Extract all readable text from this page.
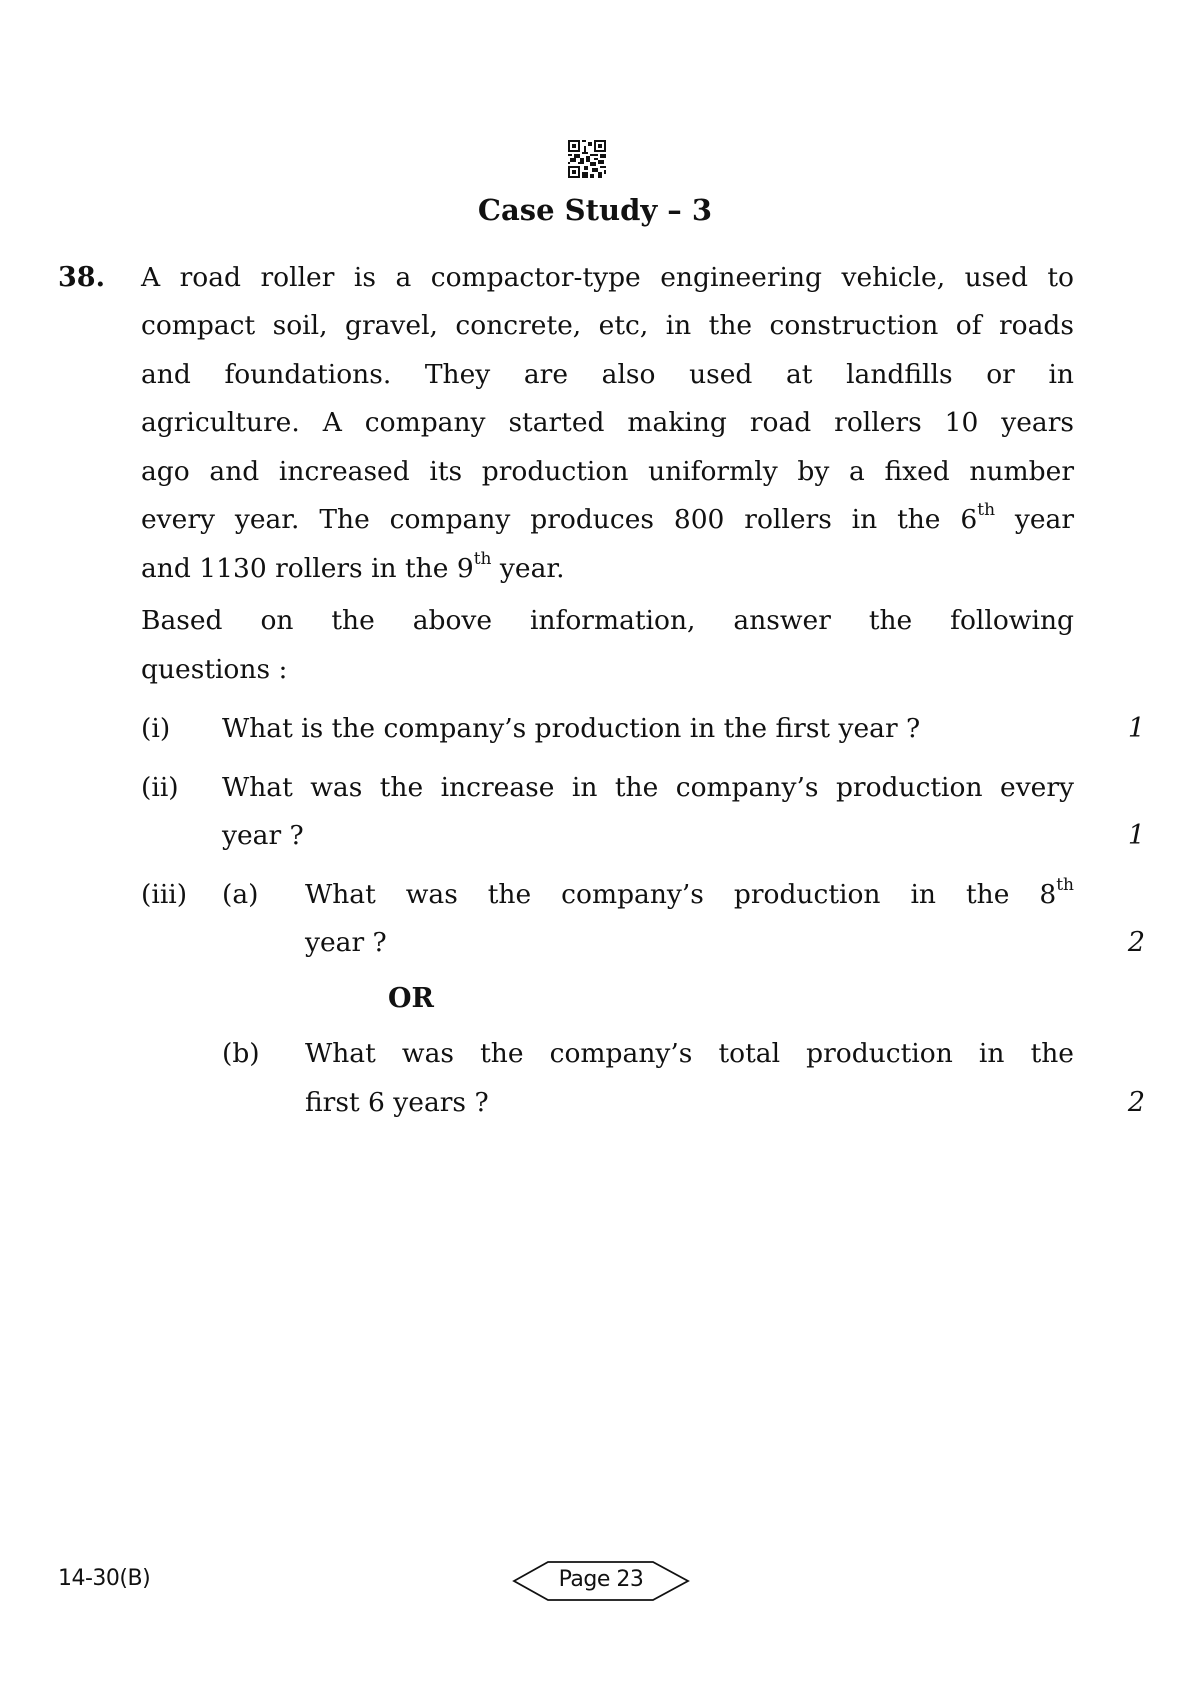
Case Study – 3
38. A road roller is a compactor-type engineering vehicle, used to
compact soil, gravel, concrete, etc, in the construction of roads
and foundations. They are also used at landfills or in
agriculture. A company started making road rollers 10 years
ago and increased its production uniformly by a fixed number
every year. The company produces 800 rollers in the 6th year
and 1130 rollers in the 9th year.
Based on the above information, answer the following
questions :
(i) What is the company’s production in the first year ?	1
(ii) What was the increase in the company’s production every
year ?	1
(iii) (a) What was the company’s production in the 8th
year ?	2
OR
(b) What was the company’s total production in the
first 6 years ?	2
14-30(B)	Page 23
